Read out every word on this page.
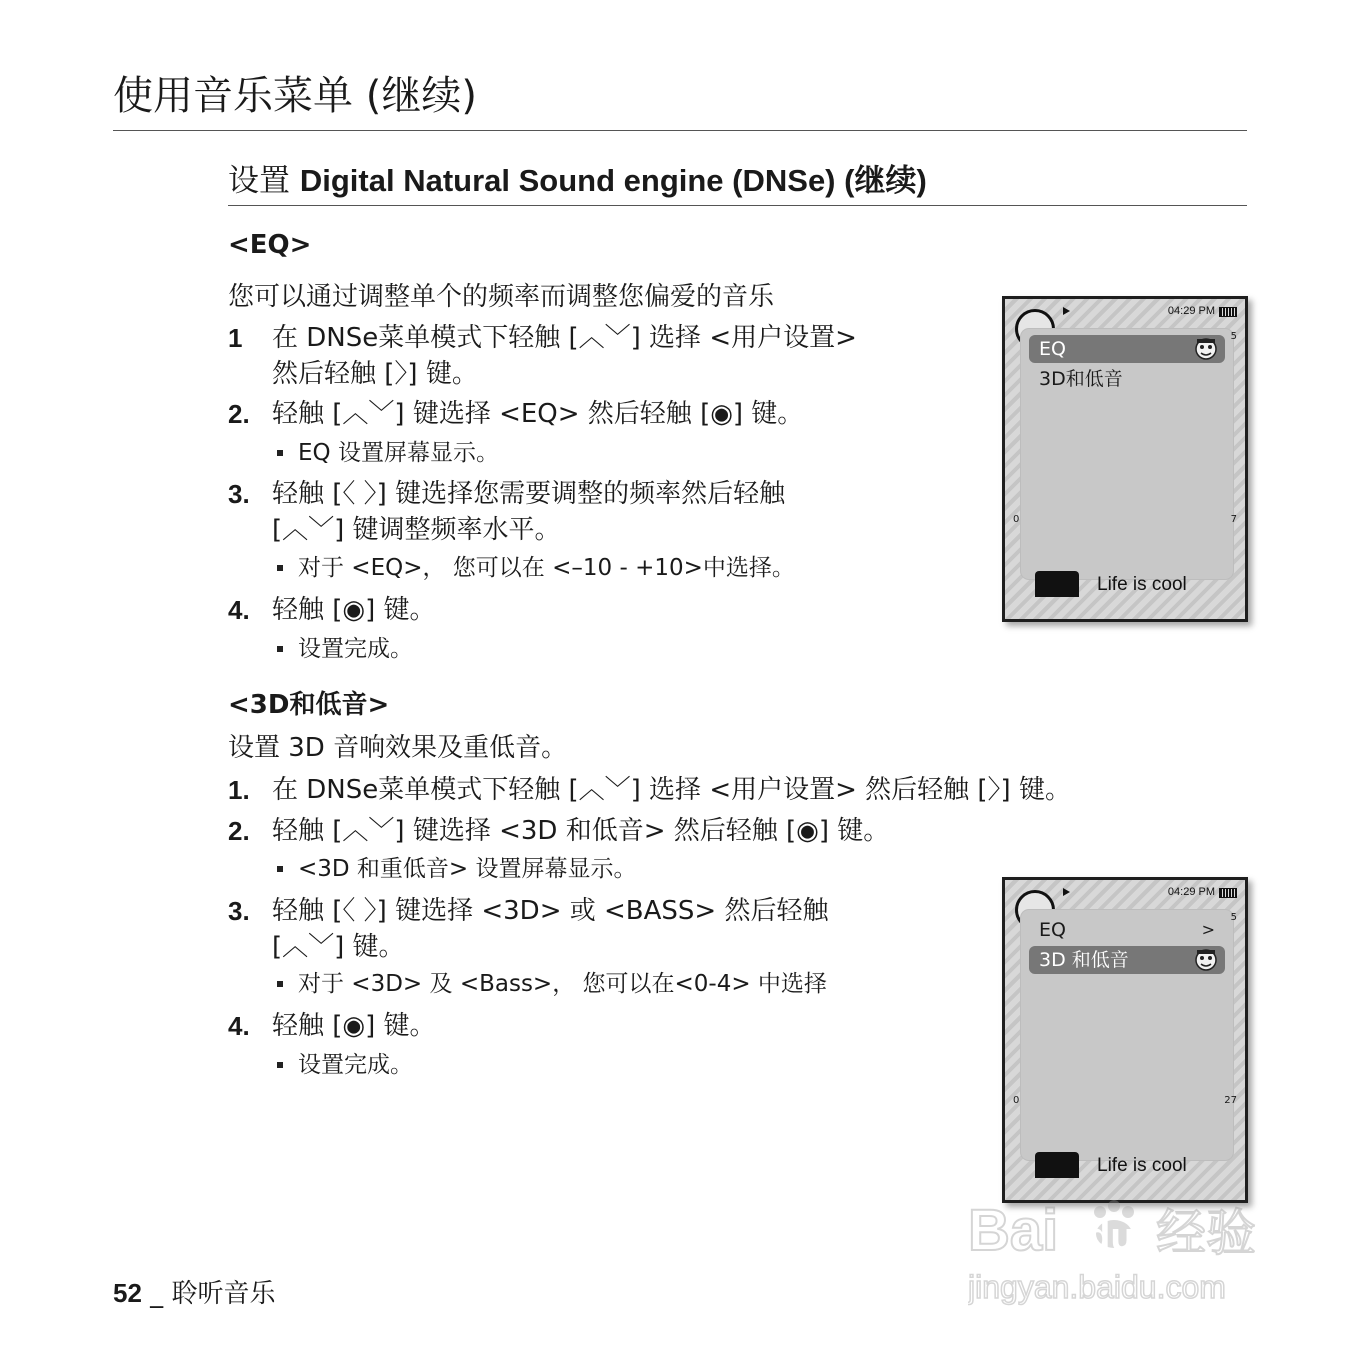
使用音乐菜单 (继续)
设置 Digital Natural Sound engine (DNSe) (继续)
<EQ>
您可以通过调整单个的频率而调整您偏爱的音乐
1 在 DNSe菜单模式下轻触 [︿﹀] 选择 <用户设置>
然后轻触 [〉] 键。
2. 轻触 [︿﹀] 键选择 <EQ> 然后轻触 [◉] 键。
EQ 设置屏幕显示。
3. 轻触 [〈 〉] 键选择您需要调整的频率然后轻触
[︿﹀] 键调整频率水平。
对于 <EQ>， 您可以在 <–10 - +10>中选择。
4. 轻触 [◉] 键。
设置完成。
<3D和低音>
设置 3D 音响效果及重低音。
1. 在 DNSe菜单模式下轻触 [︿﹀] 选择 <用户设置> 然后轻触 [〉] 键。
2. 轻触 [︿﹀] 键选择 <3D 和低音> 然后轻触 [◉] 键。
<3D 和重低音> 设置屏幕显示。
3. 轻触 [〈 〉] 键选择 <3D> 或 <BASS> 然后轻触
[︿﹀] 键。
对于 <3D> 及 <Bass>， 您可以在<0-4> 中选择
4. 轻触 [◉] 键。
设置完成。
04:29 PM
EQ
3D和低音
5
0	7
Life is cool
04:29 PM
EQ	>
3D 和低音
5
0	27
Life is cool
52 _ 聆听音乐
Bai du 经验
jingyan.baidu.com
